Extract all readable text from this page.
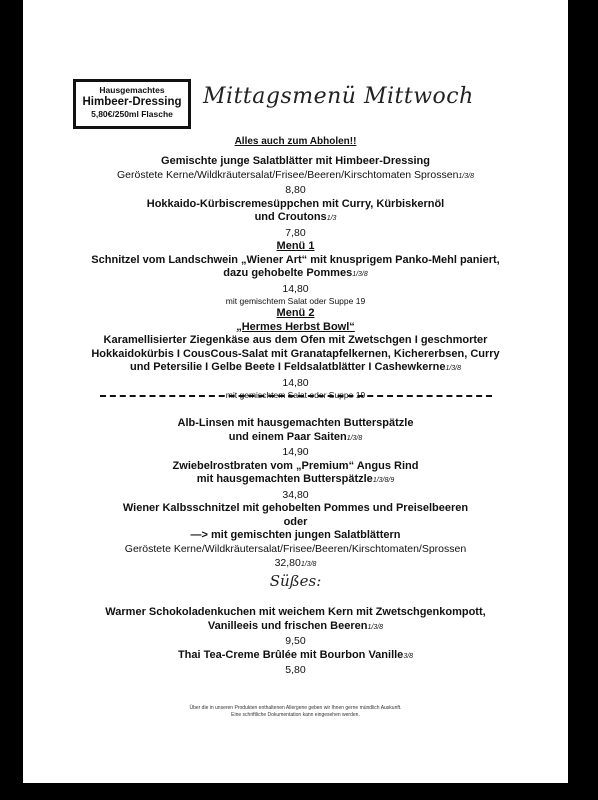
Hausgemachtes
Himbeer-Dressing
5,80€/250ml Flasche
Mittagsmenü Mittwoch
Alles auch zum Abholen!!
Gemischte junge Salatblätter mit Himbeer-Dressing
Geröstete Kerne/Wildkräutersalat/Frisee/Beeren/Kirschtomaten Sprossen1/3/8
8,80
Hokkaido-Kürbiscremesüppchen mit Curry, Kürbiskernöl
und Croutons1/3
7,80
Menü 1
Schnitzel vom Landschwein „Wiener Art“ mit knusprigem Panko-Mehl paniert,
dazu gehobelte Pommes1/3/8
14,80
mit gemischtem Salat oder Suppe 19
Menü 2
„Hermes Herbst Bowl“
Karamellisierter Ziegenkäse aus dem Ofen mit Zwetschgen I geschmorter
Hokkaidokürbis I CousCous-Salat mit Granatapfelkernen, Kichererbsen, Curry
und Petersilie I Gelbe Beete I Feldsalatblätter I Cashewkerne1/3/8
14,80
mit gemischtem Salat oder Suppe 19
Alb-Linsen mit hausgemachten Butterspätzle
und einem Paar Saiten1/3/8
14,90
Zwiebelrostbraten vom „Premium“ Angus Rind
mit hausgemachten Butterspätzle1/3/8/9
34,80
Wiener Kalbsschnitzel mit gehobelten Pommes und Preiselbeeren
oder
—> mit gemischten jungen Salatblättern
Geröstete Kerne/Wildkräutersalat/Frisee/Beeren/Kirschtomaten/Sprossen
32,801/3/8
Süßes:
Warmer Schokoladenkuchen mit weichem Kern mit Zwetschgenkompott,
Vanilleeis und frischen Beeren1/3/8
9,50
Thai Tea-Creme Brûlée mit Bourbon Vanille3/8
5,80
Über die in unseren Produkten enthaltenen Allergene geben wir Ihnen gerne mündlich Auskunft.
Eine schriftliche Dokumentation kann eingesehen werden.
